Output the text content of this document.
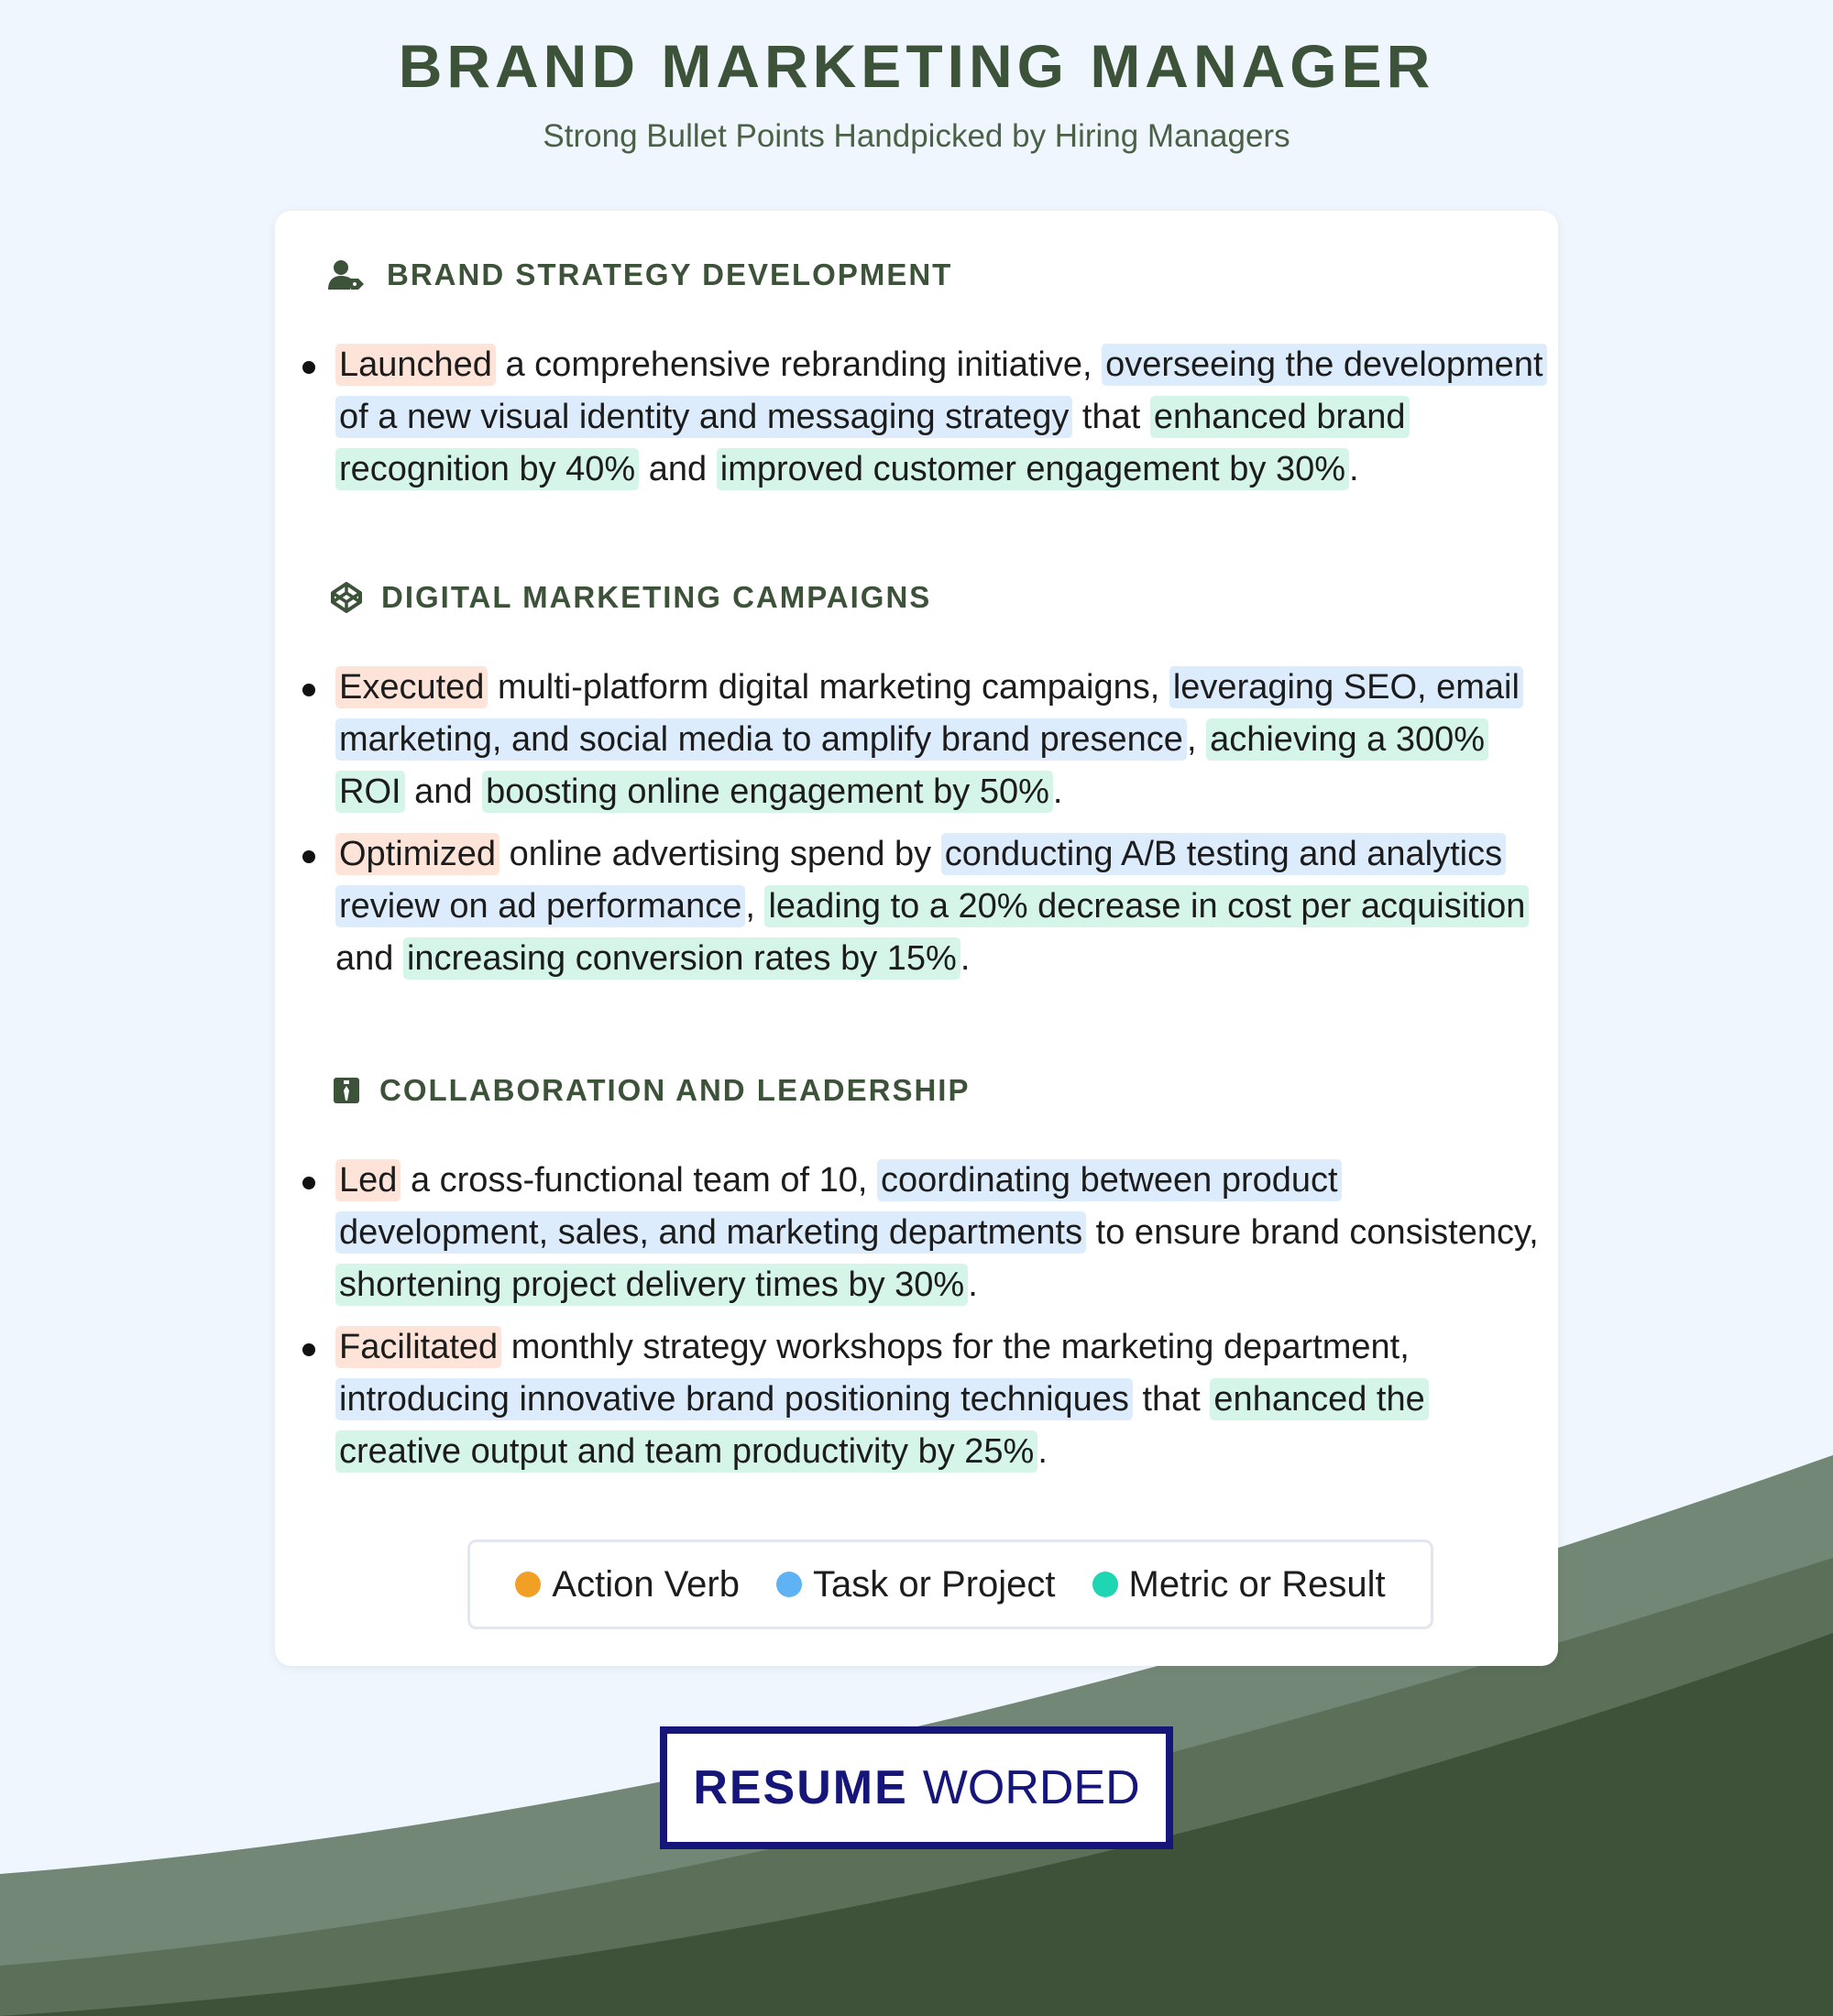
BRAND MARKETING MANAGER
Strong Bullet Points Handpicked by Hiring Managers
BRAND STRATEGY DEVELOPMENT
Launched a comprehensive rebranding initiative, overseeing the development of a new visual identity and messaging strategy that enhanced brand recognition by 40% and improved customer engagement by 30% .
DIGITAL MARKETING CAMPAIGNS
Executed multi-platform digital marketing campaigns, leveraging SEO, email marketing, and social media to amplify brand presence , achieving a 300% ROI and boosting online engagement by 50% .
Optimized online advertising spend by conducting A/B testing and analytics review on ad performance , leading to a 20% decrease in cost per acquisition and increasing conversion rates by 15% .
COLLABORATION AND LEADERSHIP
Led a cross-functional team of 10, coordinating between product development, sales, and marketing departments to ensure brand consistency, shortening project delivery times by 30% .
Facilitated monthly strategy workshops for the marketing department, introducing innovative brand positioning techniques that enhanced the creative output and team productivity by 25% .
Action Verb Task or Project Metric or Result
RESUME WORDED
